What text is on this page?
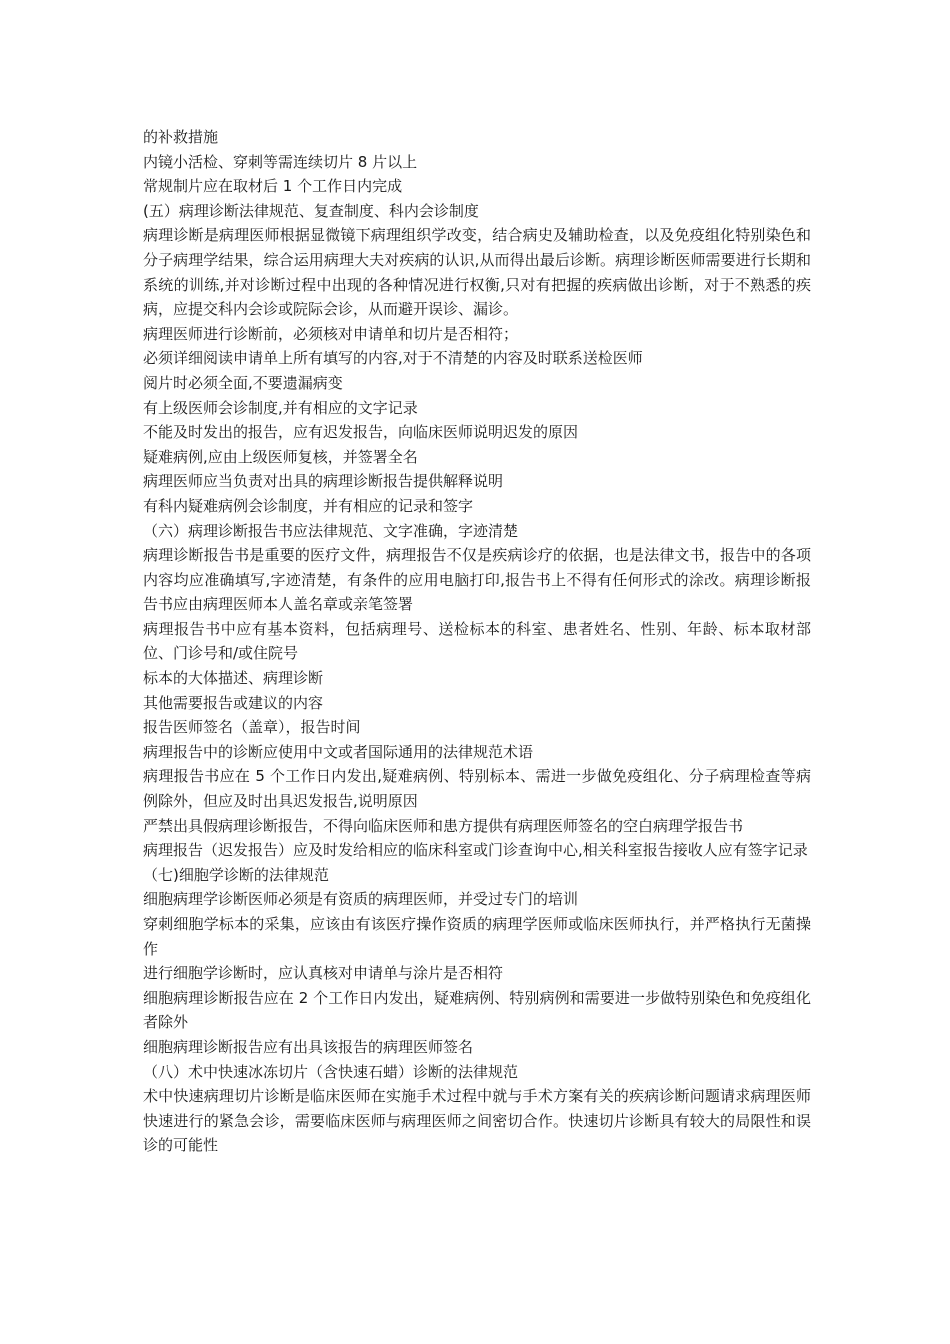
的补救措施

内镜小活检、穿刺等需连续切片 8 片以上

常规制片应在取材后 1 个工作日内完成

(五）病理诊断法律规范、复查制度、科内会诊制度

病理诊断是病理医师根据显微镜下病理组织学改变，结合病史及辅助检查，以及免疫组化特别染色和分子病理学结果，综合运用病理大夫对疾病的认识,从而得出最后诊断。病理诊断医师需要进行长期和系统的训练,并对诊断过程中出现的各种情况进行权衡,只对有把握的疾病做出诊断，对于不熟悉的疾病，应提交科内会诊或院际会诊，从而避开误诊、漏诊。

病理医师进行诊断前，必须核对申请单和切片是否相符；

必须详细阅读申请单上所有填写的内容,对于不清楚的内容及时联系送检医师

阅片时必须全面,不要遗漏病变

有上级医师会诊制度,并有相应的文字记录

不能及时发出的报告，应有迟发报告，向临床医师说明迟发的原因

疑难病例,应由上级医师复核，并签署全名

病理医师应当负责对出具的病理诊断报告提供解释说明

有科内疑难病例会诊制度，并有相应的记录和签字

（六）病理诊断报告书应法律规范、文字准确，字迹清楚

病理诊断报告书是重要的医疗文件，病理报告不仅是疾病诊疗的依据，也是法律文书，报告中的各项内容均应准确填写,字迹清楚，有条件的应用电脑打印,报告书上不得有任何形式的涂改。病理诊断报告书应由病理医师本人盖名章或亲笔签署

病理报告书中应有基本资料，包括病理号、送检标本的科室、患者姓名、性别、年龄、标本取材部位、门诊号和/或住院号

标本的大体描述、病理诊断

其他需要报告或建议的内容

报告医师签名（盖章），报告时间

病理报告中的诊断应使用中文或者国际通用的法律规范术语

病理报告书应在 5 个工作日内发出,疑难病例、特别标本、需进一步做免疫组化、分子病理检查等病例除外，但应及时出具迟发报告,说明原因

严禁出具假病理诊断报告，不得向临床医师和患方提供有病理医师签名的空白病理学报告书

病理报告（迟发报告）应及时发给相应的临床科室或门诊查询中心,相关科室报告接收人应有签字记录

（七)细胞学诊断的法律规范

细胞病理学诊断医师必须是有资质的病理医师，并受过专门的培训

穿刺细胞学标本的采集，应该由有该医疗操作资质的病理学医师或临床医师执行，并严格执行无菌操作

进行细胞学诊断时，应认真核对申请单与涂片是否相符

细胞病理诊断报告应在 2 个工作日内发出，疑难病例、特别病例和需要进一步做特别染色和免疫组化者除外

细胞病理诊断报告应有出具该报告的病理医师签名

（八）术中快速冰冻切片（含快速石蜡）诊断的法律规范

术中快速病理切片诊断是临床医师在实施手术过程中就与手术方案有关的疾病诊断问题请求病理医师快速进行的紧急会诊，需要临床医师与病理医师之间密切合作。快速切片诊断具有较大的局限性和误诊的可能性
